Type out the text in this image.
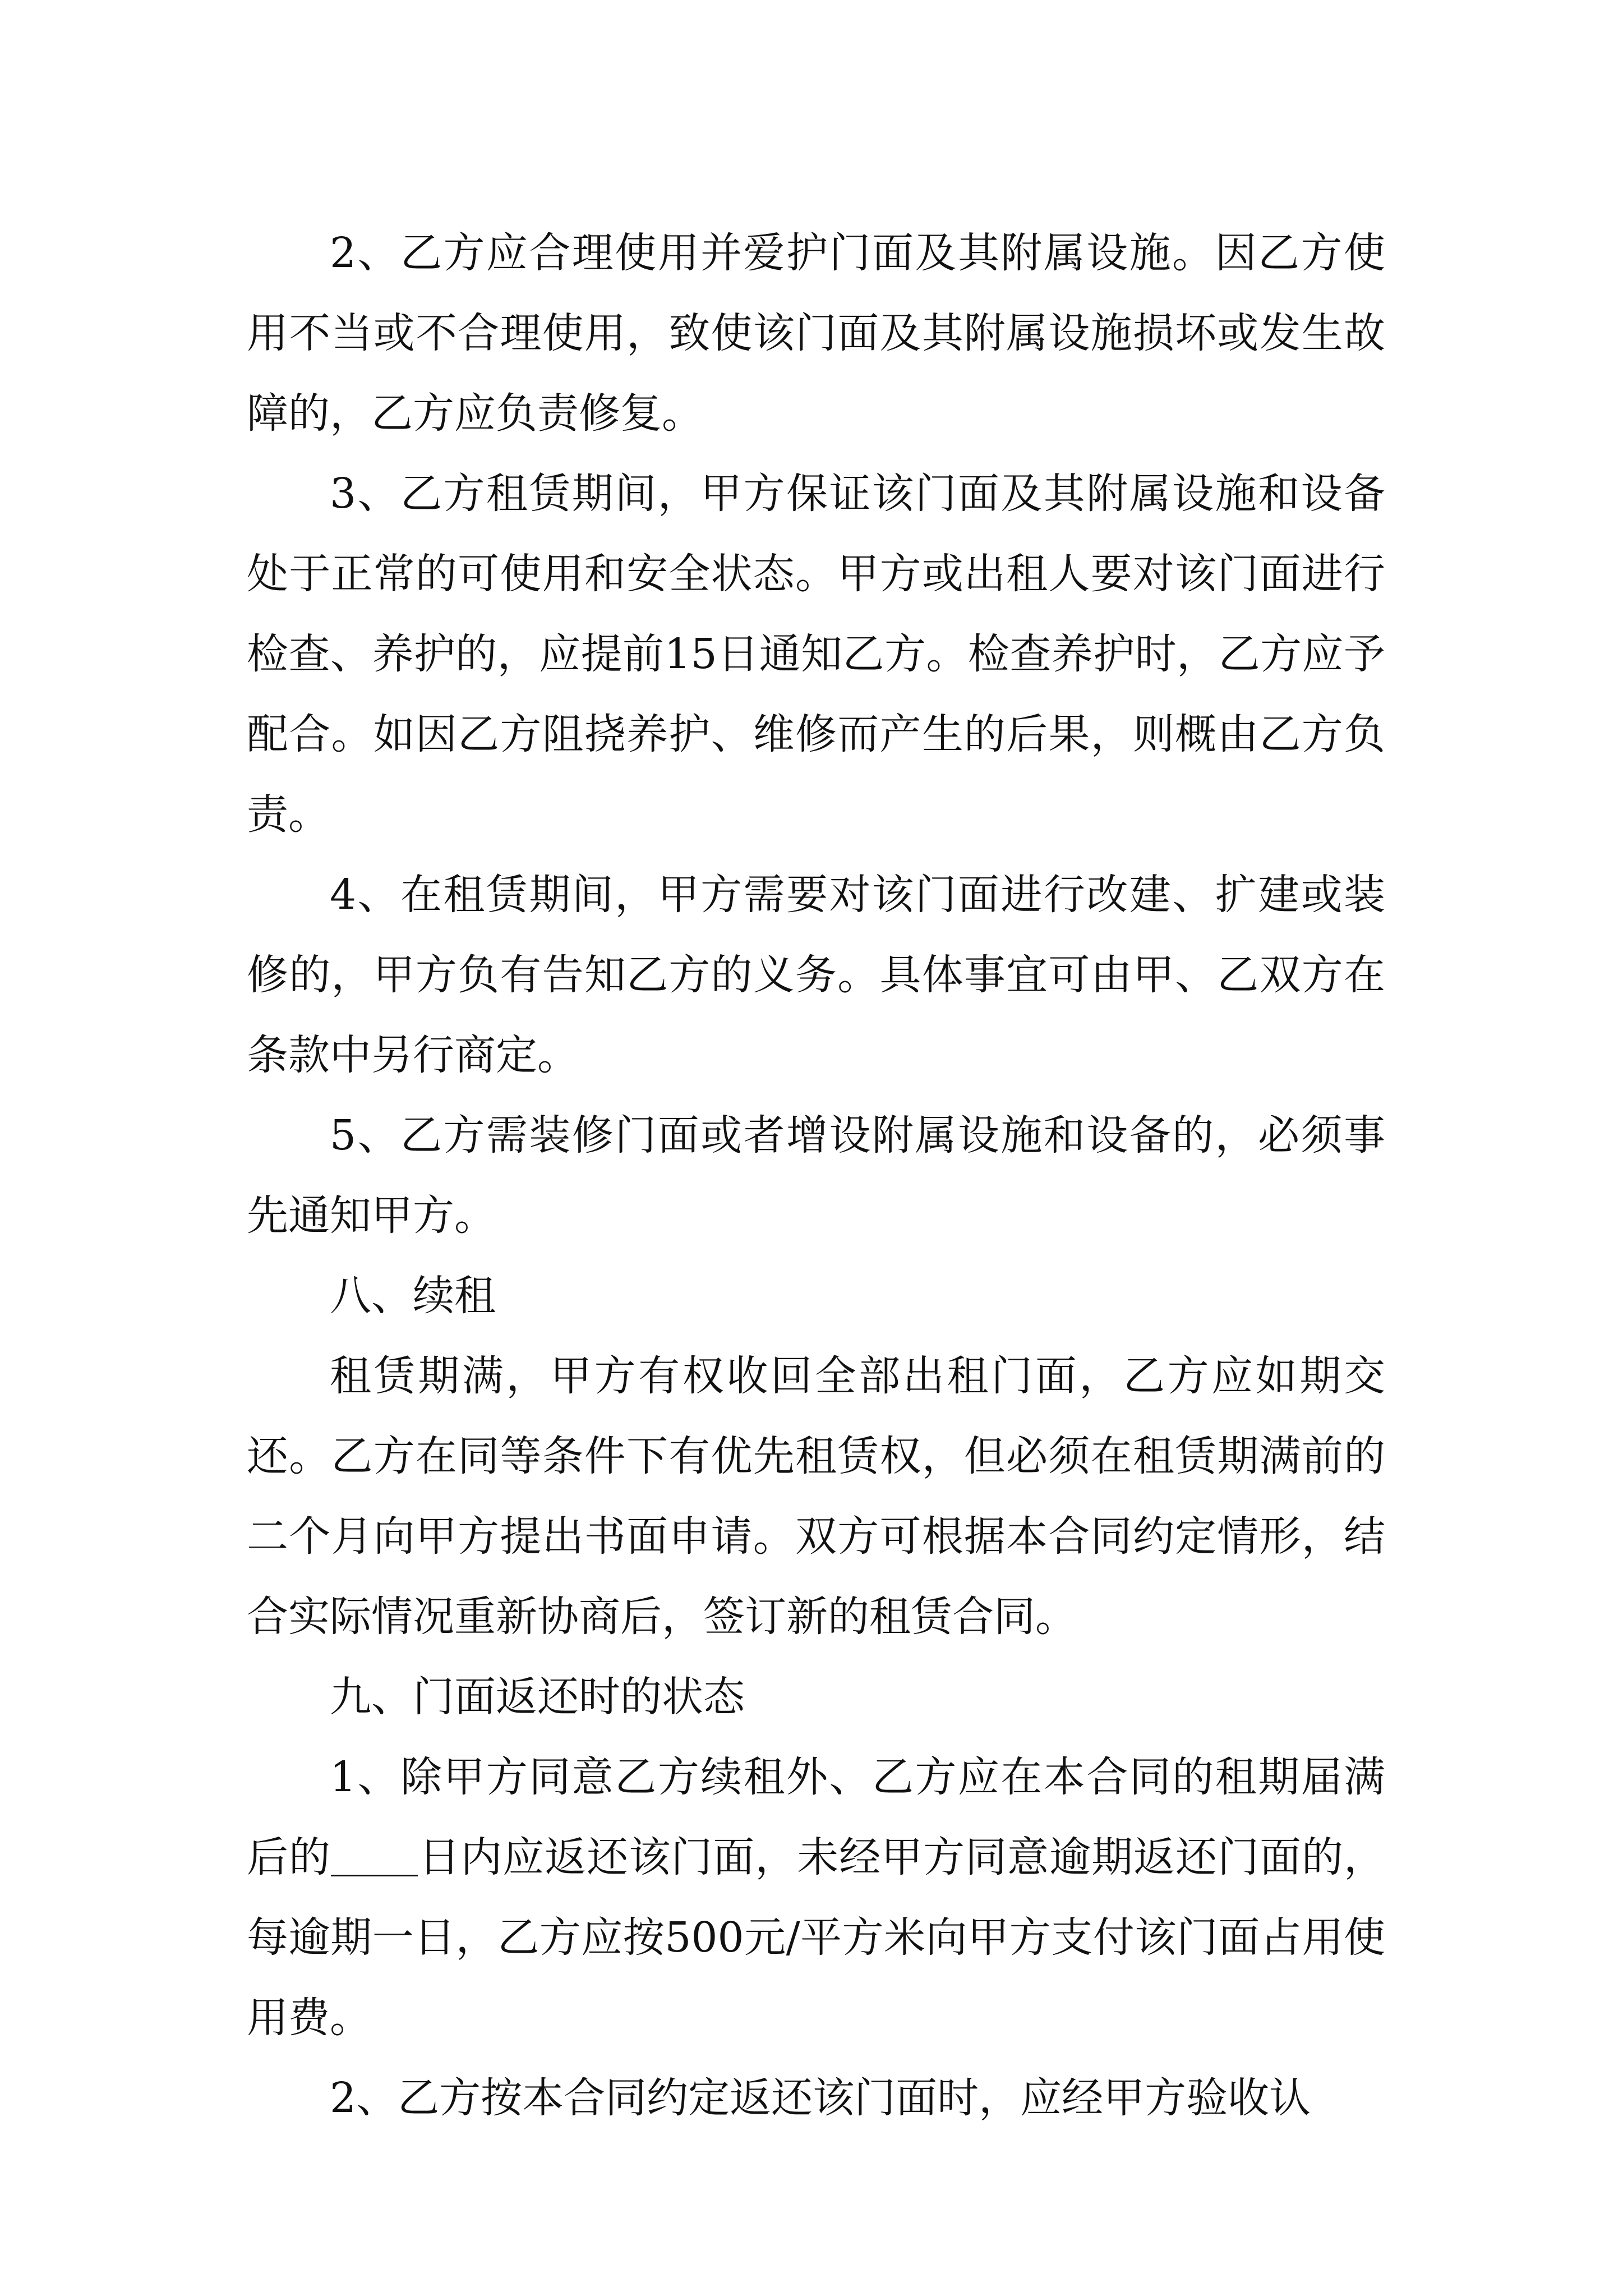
2、乙方应合理使用并爱护门面及其附属设施。因乙方使用不当或不合理使用，致使该门面及其附属设施损坏或发生故障的，乙方应负责修复。

3、乙方租赁期间，甲方保证该门面及其附属设施和设备处于正常的可使用和安全状态。甲方或出租人要对该门面进行检查、养护的，应提前15日通知乙方。检查养护时，乙方应予配合。如因乙方阻挠养护、维修而产生的后果，则概由乙方负责。

4、在租赁期间，甲方需要对该门面进行改建、扩建或装修的，甲方负有告知乙方的义务。具体事宜可由甲、乙双方在条款中另行商定。

5、乙方需装修门面或者增设附属设施和设备的，必须事先通知甲方。

八、续租

租赁期满，甲方有权收回全部出租门面，乙方应如期交还。乙方在同等条件下有优先租赁权，但必须在租赁期满前的二个月向甲方提出书面申请。双方可根据本合同约定情形，结合实际情况重新协商后，签订新的租赁合同。

九、门面返还时的状态

1、除甲方同意乙方续租外、乙方应在本合同的租期届满后的 日内应返还该门面，未经甲方同意逾期返还门面的，每逾期一日，乙方应按500元/平方米向甲方支付该门面占用使用费。

2、乙方按本合同约定返还该门面时，应经甲方验收认
